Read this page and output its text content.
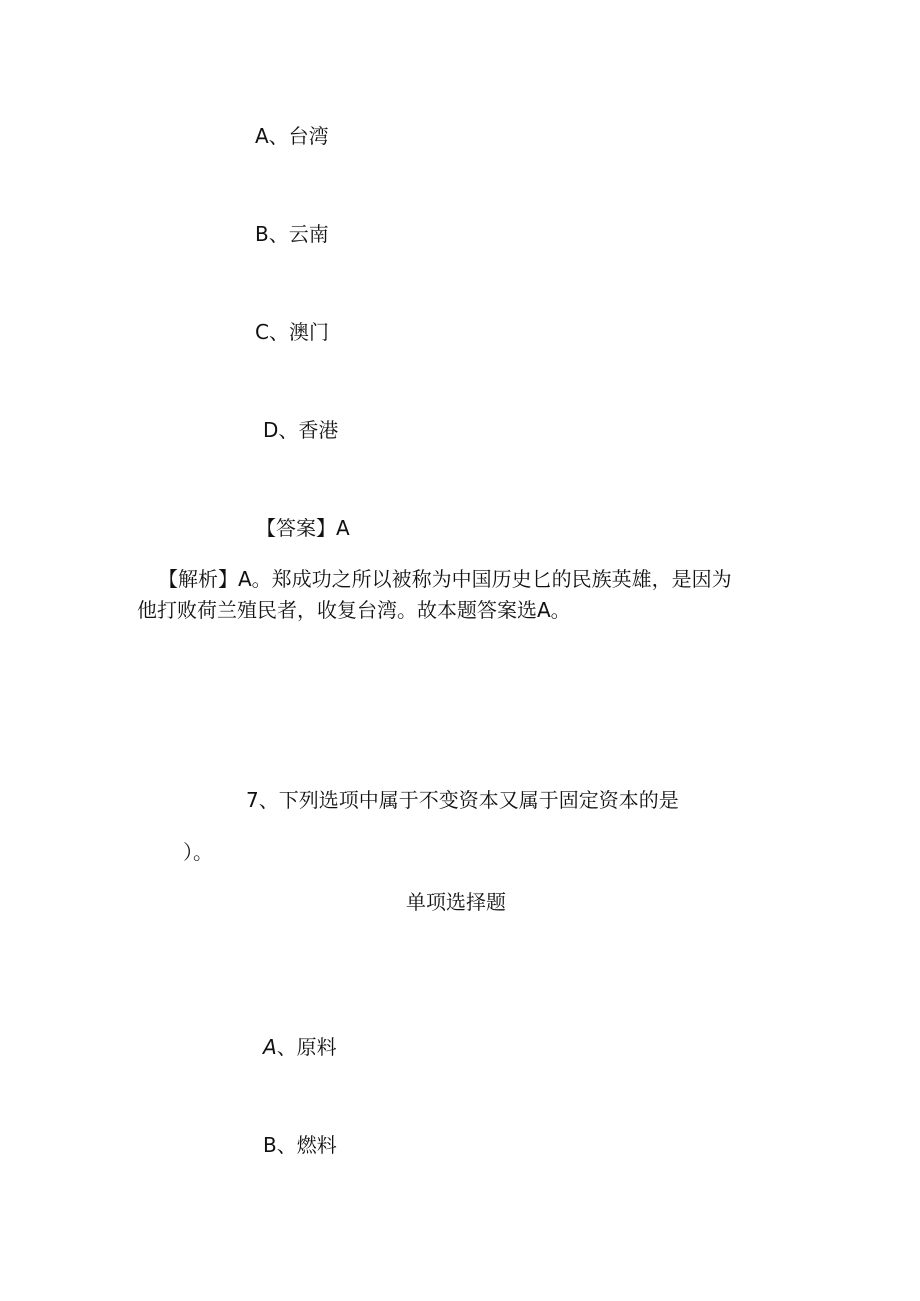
A、台湾
B、云南
C、澳门
D、香港
【答案】A
【解析】A。郑成功之所以被称为中国历史匕的民族英雄，是因为
他打败荷兰殖民者，收复台湾。故本题答案选A。
7、下列选项中属于不变资本又属于固定资本的是
）。
单项选择题
A、原料
B、燃料
